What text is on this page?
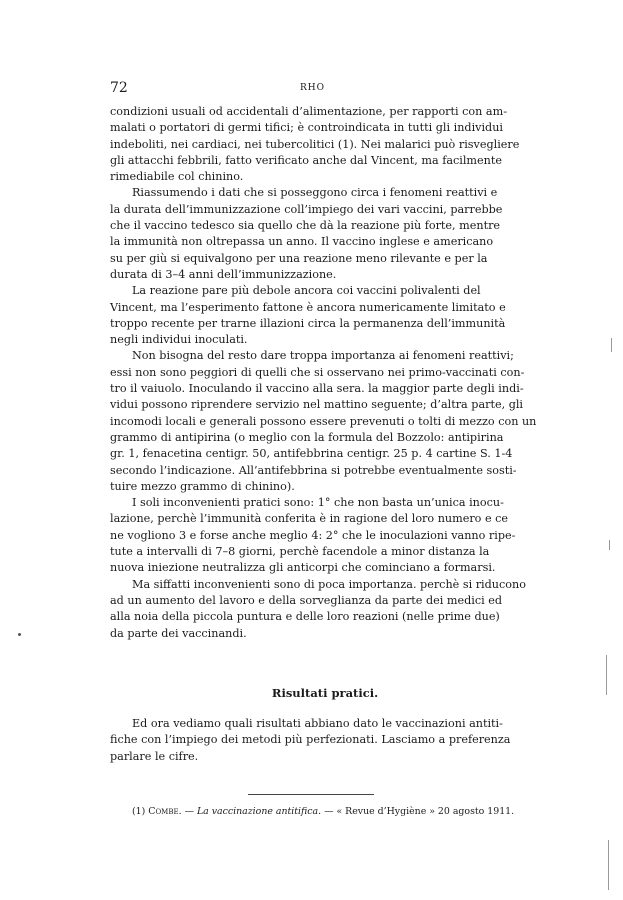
72	RHO

condizioni usuali od accidentali d’alimentazione, per rapporti con am-
malati o portatori di germi tifici; è controindicata in tutti gli individui
indeboliti, nei cardiaci, nei tubercolitici (1). Nei malarici può risvegliere
gli attacchi febbrili, fatto verificato anche dal Vincent, ma facilmente
rimediabile col chinino.

Riassumendo i dati che si posseggono circa i fenomeni reattivi e
la durata dell’immunizzazione coll’impiego dei vari vaccini, parrebbe
che il vaccino tedesco sia quello che dà la reazione più forte, mentre
la immunità non oltrepassa un anno. Il vaccino inglese e americano
su per giù si equivalgono per una reazione meno rilevante e per la
durata di 3–4 anni dell’immunizzazione.

La reazione pare più debole ancora coi vaccini polivalenti del
Vincent, ma l’esperimento fattone è ancora numericamente limitato e
troppo recente per trarne illazioni circa la permanenza dell’immunità
negli individui inoculati.

Non bisogna del resto dare troppa importanza ai fenomeni reattivi;
essi non sono peggiori di quelli che si osservano nei primo-vaccinati con-
tro il vaiuolo. Inoculando il vaccino alla sera. la maggior parte degli indi-
vidui possono riprendere servizio nel mattino seguente; d’altra parte, gli
incomodi locali e generali possono essere prevenuti o tolti di mezzo con un
grammo di antipirina (o meglio con la formula del Bozzolo: antipirina
gr. 1, fenacetina centigr. 50, antifebbrina centigr. 25 p. 4 cartine S. 1-4
secondo l’indicazione. All’antifebbrina si potrebbe eventualmente sosti-
tuire mezzo grammo di chinino).

I soli inconvenienti pratici sono: 1° che non basta un’unica inocu-
lazione, perchè l’immunità conferita è in ragione del loro numero e ce
ne vogliono 3 e forse anche meglio 4: 2° che le inoculazioni vanno ripe-
tute a intervalli di 7–8 giorni, perchè facendole a minor distanza la
nuova iniezione neutralizza gli anticorpi che cominciano a formarsi.

Ma siffatti inconvenienti sono di poca importanza. perchè si riducono
ad un aumento del lavoro e della sorveglianza da parte dei medici ed
alla noia della piccola puntura e delle loro reazioni (nelle prime due)
da parte dei vaccinandi.

Risultati pratici.
Ed ora vediamo quali risultati abbiano dato le vaccinazioni antiti-
fiche con l’impiego dei metodi più perfezionati. Lasciamo a preferenza
parlare le cifre.
(1) Combe. — La vaccinazione antitifica. — « Revue d’Hygiène » 20 agosto 1911.
